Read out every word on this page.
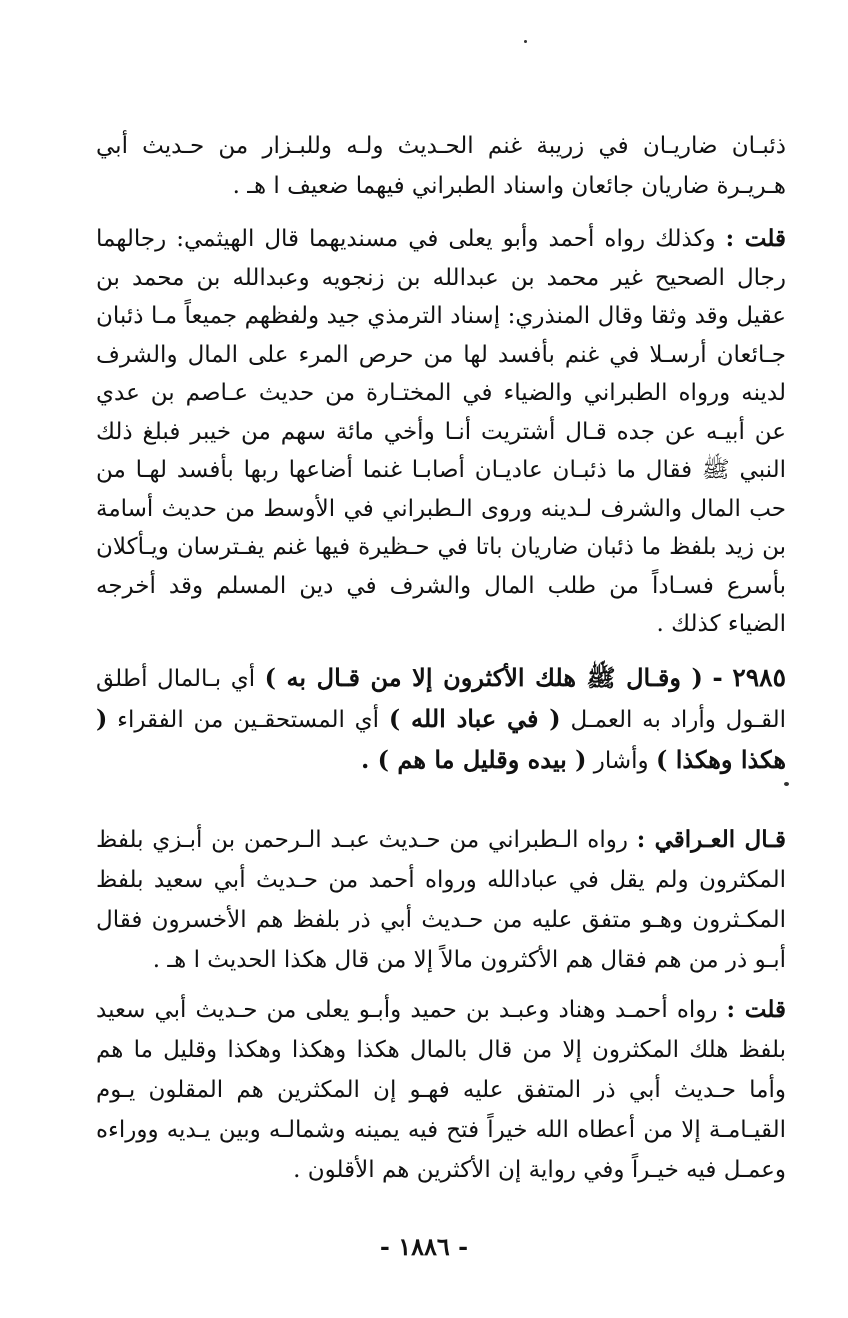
ذئبـان ضاريـان في زريبة غنم الحـديث ولـه وللبـزار من حـديث أبي هـريـرة ضاريان جائعان واسناد الطبراني فيهما ضعيف ا هـ .

قلت : وكذلك رواه أحمد وأبو يعلى في مسنديهما قال الهيثمي: رجالهما رجال الصحيح غير محمد بن عبدالله بن زنجويه وعبدالله بن محمد بن عقيل وقد وثقا وقال المنذري: إسناد الترمذي جيد ولفظهم جميعاً مـا ذئبان جـائعان أرسـلا في غنم بأفسد لها من حرص المرء على المال والشرف لدينه ورواه الطبراني والضياء في المختـارة من حديث عـاصم بن عدي عن أبيـه عن جده قـال أشتريت أنـا وأخي مائة سهم من خيبر فبلغ ذلك النبي ﷺ فقال ما ذئبـان عاديـان أصابـا غنما أضاعها ربها بأفسد لهـا من حب المال والشرف لـدينه وروى الـطبراني في الأوسط من حديث أسامة بن زيد بلفظ ما ذئبان ضاريان باتا في حـظيرة فيها غنم يفـترسان ويـأكلان بأسرع فسـاداً من طلب المال والشرف في دين المسلم وقد أخرجه الضياء كذلك .

٢٩٨٥ - ( وقـال ﷺ هلك الأكثرون إلا من قـال به ) أي بـالمال أطلق القـول وأراد به العمـل ( في عباد الله ) أي المستحقـين من الفقراء ( هكذا وهكذا ) وأشار ( بيده وقليل ما هم ) .

قـال العـراقي : رواه الـطبراني من حـديث عبـد الـرحمن بن أبـزي بلفظ المكثرون ولم يقل في عبادالله ورواه أحمد من حـديث أبي سعيد بلفظ المكـثرون وهـو متفق عليه من حـديث أبي ذر بلفظ هم الأخسرون فقال أبـو ذر من هم فقال هم الأكثرون مالاً إلا من قال هكذا الحديث ا هـ .

قلت : رواه أحمـد وهناد وعبـد بن حميد وأبـو يعلى من حـديث أبي سعيد بلفظ هلك المكثرون إلا من قال بالمال هكذا وهكذا وهكذا وقليل ما هم وأما حـديث أبي ذر المتفق عليه فهـو إن المكثرين هم المقلون يـوم القيـامـة إلا من أعطاه الله خيراً فتح فيه يمينه وشمالـه وبين يـديه ووراءه وعمـل فيه خيـراً وفي رواية إن الأكثرين هم الأقلون .

- ١٨٨٦ -
